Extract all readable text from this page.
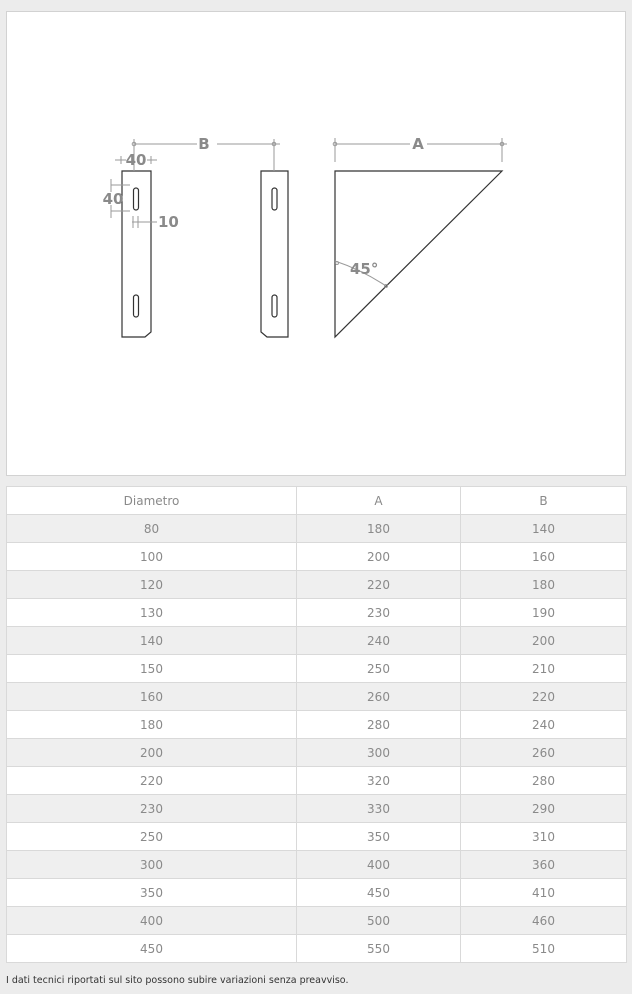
B	A
40
40
10
45°
Diametro	A	B
80	180	140
100	200	160
120	220	180
130	230	190
140	240	200
150	250	210
160	260	220
180	280	240
200	300	260
220	320	280
230	330	290
250	350	310
300	400	360
350	450	410
400	500	460
450	550	510
I dati tecnici riportati sul sito possono subire variazioni senza preavviso.
